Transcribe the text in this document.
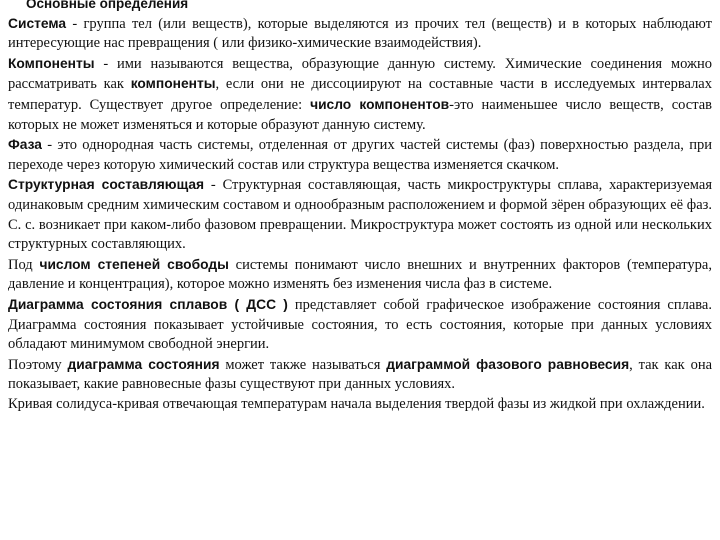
Основные определения

Система - группа тел (или веществ), которые выделяются из прочих тел (веществ) и в которых наблюдают интересующие нас превращения ( или физико-химические взаимодействия).

Компоненты - ими называются вещества, образующие данную систему. Химические соединения можно рассматривать как компоненты, если они не диссоциируют на составные части в исследуемых интервалах температур. Существует другое определение: число компонентов-это наименьшее число веществ, состав которых не может изменяться и которые образуют данную систему.

Фаза - это однородная часть системы, отделенная от других частей системы (фаз) поверхностью раздела, при переходе через которую химический состав или структура вещества изменяется скачком.

Структурная составляющая - Структурная составляющая, часть микроструктуры сплава, характеризуемая одинаковым средним химическим составом и однообразным расположением и формой зёрен образующих её фаз. С. с. возникает при каком-либо фазовом превращении. Микроструктура может состоять из одной или нескольких структурных составляющих.

Под числом степеней свободы системы понимают число внешних и внутренних факторов (температура, давление и концентрация), которое можно изменять без изменения числа фаз в системе.

Диаграмма состояния сплавов ( ДСС ) представляет собой графическое изображение состояния сплава. Диаграмма состояния показывает устойчивые состояния, то есть состояния, которые при данных условиях обладают минимумом свободной энергии.

Поэтому диаграмма состояния может также называться диаграммой фазового равновесия, так как она показывает, какие равновесные фазы существуют при данных условиях.

Кривая солидуса-кривая отвечающая температурам начала выделения твердой фазы из жидкой при охлаждении.
